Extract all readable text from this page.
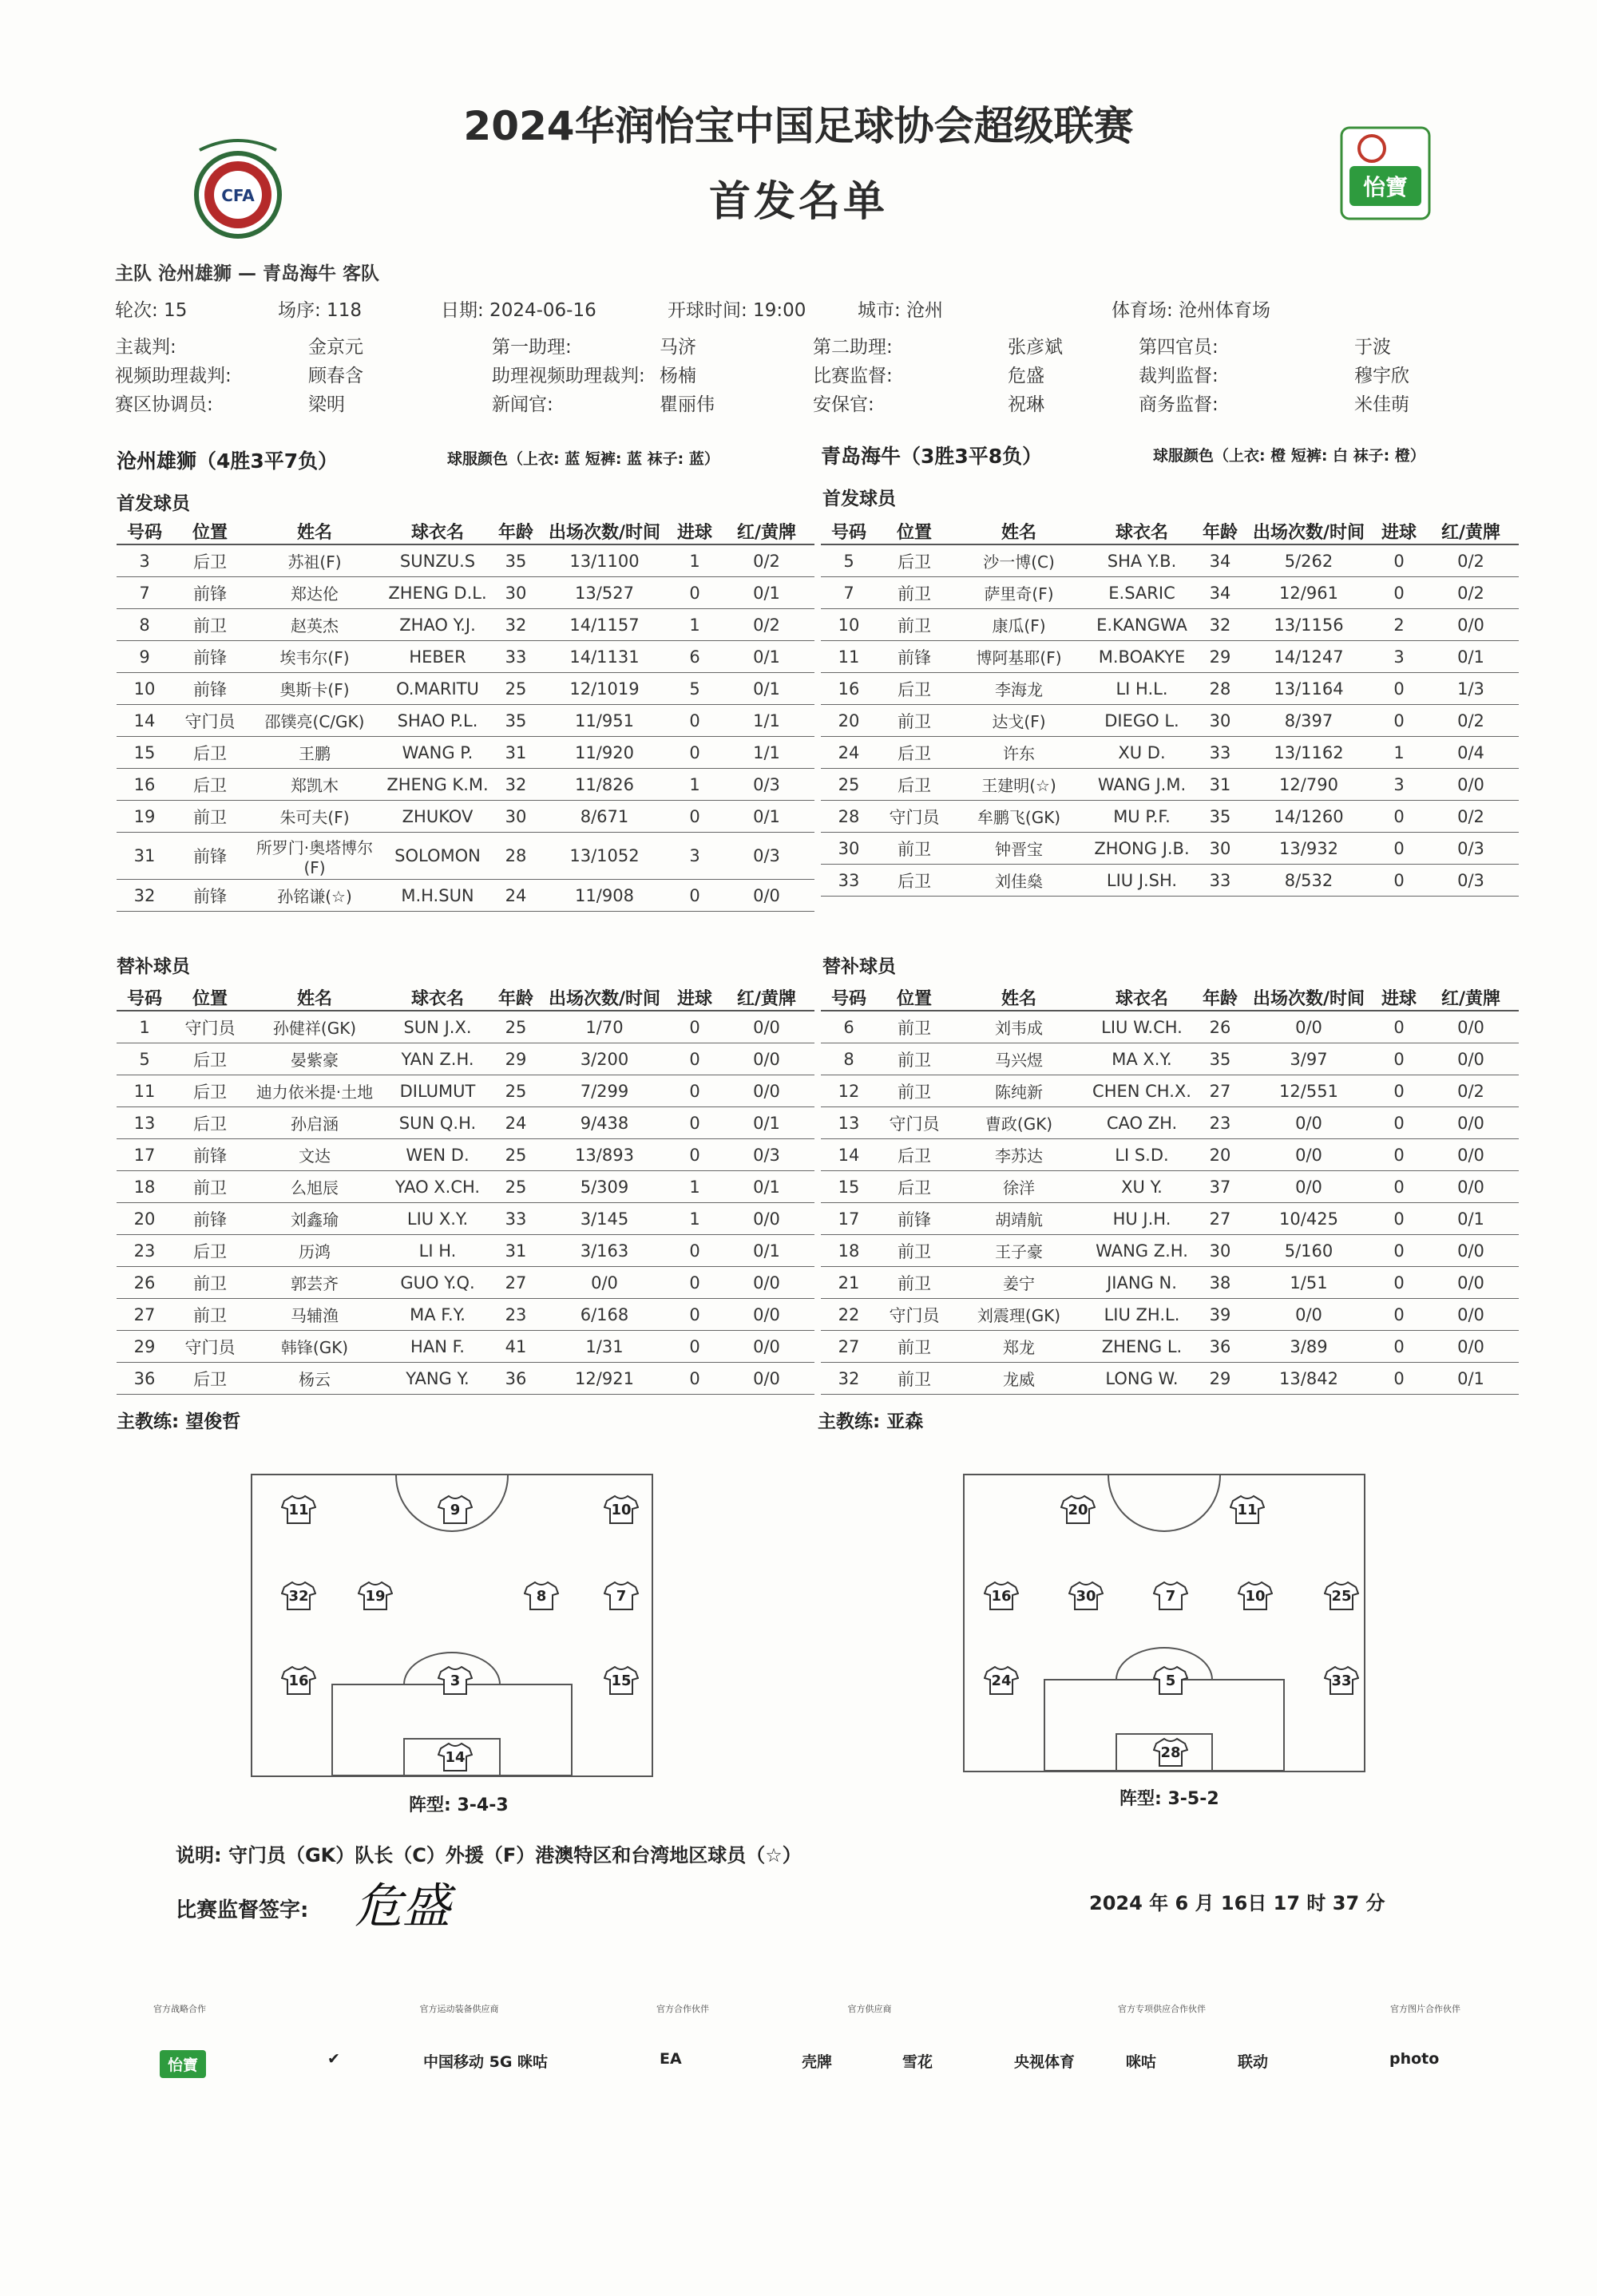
CFA
2024华润怡宝中国足球协会超级联赛
首发名单	怡寶
主队 沧州雄狮 — 青岛海牛 客队
轮次: 15	场序: 118	日期: 2024-06-16	开球时间: 19:00	城市: 沧州	体育场: 沧州体育场
主裁判:	金京元	第一助理:	马济	第二助理:	张彦斌	第四官员:	于波
视频助理裁判:	顾春含	助理视频助理裁判: 杨楠	比赛监督:	危盛	裁判监督:	穆宇欣
赛区协调员:	梁明	新闻官:	瞿丽伟	安保官:	祝琳	商务监督:	米佳萌
沧州雄狮（4胜3平7负）	球服颜色（上衣: 蓝 短裤: 蓝 袜子: 蓝）	青岛海牛（3胜3平8负）	球服颜色（上衣: 橙 短裤: 白 袜子: 橙）
首发球员	首发球员
号码	位置	姓名	球衣名	年龄	出场次数/时间	进球	红/黄牌
3	后卫	苏祖(F)	SUNZU.S	35	13/1100	1	0/2
7	前锋	郑达伦	ZHENG D.L.	30	13/527	0	0/1
8	前卫	赵英杰	ZHAO Y.J.	32	14/1157	1	0/2
9	前锋	埃韦尔(F)	HEBER	33	14/1131	6	0/1
10	前锋	奥斯卡(F)	O.MARITU	25	12/1019	5	0/1
14	守门员	邵镤亮(C/GK)	SHAO P.L.	35	11/951	0	1/1
15	后卫	王鹏	WANG P.	31	11/920	0	1/1
16	后卫	郑凯木	ZHENG K.M.	32	11/826	1	0/3
19	前卫	朱可夫(F)	ZHUKOV	30	8/671	0	0/1
31	前锋	所罗门·奥塔博尔(F)	SOLOMON	28	13/1052	3	0/3
32	前锋	孙铭谦(☆)	M.H.SUN	24	11/908	0	0/0
号码	位置	姓名	球衣名	年龄	出场次数/时间	进球	红/黄牌
5	后卫	沙一博(C)	SHA Y.B.	34	5/262	0	0/2
7	前卫	萨里奇(F)	E.SARIC	34	12/961	0	0/2
10	前卫	康瓜(F)	E.KANGWA	32	13/1156	2	0/0
11	前锋	博阿基耶(F)	M.BOAKYE	29	14/1247	3	0/1
16	后卫	李海龙	LI H.L.	28	13/1164	0	1/3
20	前卫	达戈(F)	DIEGO L.	30	8/397	0	0/2
24	后卫	许东	XU D.	33	13/1162	1	0/4
25	后卫	王建明(☆)	WANG J.M.	31	12/790	3	0/0
28	守门员	牟鹏飞(GK)	MU P.F.	35	14/1260	0	0/2
30	前卫	钟晋宝	ZHONG J.B.	30	13/932	0	0/3
33	后卫	刘佳燊	LIU J.SH.	33	8/532	0	0/3
替补球员	替补球员
号码	位置	姓名	球衣名	年龄	出场次数/时间	进球	红/黄牌
1	守门员	孙健祥(GK)	SUN J.X.	25	1/70	0	0/0
5	后卫	晏紫豪	YAN Z.H.	29	3/200	0	0/0
11	后卫	迪力依米提·土地	DILUMUT	25	7/299	0	0/0
13	后卫	孙启涵	SUN Q.H.	24	9/438	0	0/1
17	前锋	文达	WEN D.	25	13/893	0	0/3
18	前卫	么旭辰	YAO X.CH.	25	5/309	1	0/1
20	前锋	刘鑫瑜	LIU X.Y.	33	3/145	1	0/0
23	后卫	历鸿	LI H.	31	3/163	0	0/1
26	前卫	郭芸齐	GUO Y.Q.	27	0/0	0	0/0
27	前卫	马辅渔	MA F.Y.	23	6/168	0	0/0
29	守门员	韩锋(GK)	HAN F.	41	1/31	0	0/0
36	后卫	杨云	YANG Y.	36	12/921	0	0/0
号码	位置	姓名	球衣名	年龄	出场次数/时间	进球	红/黄牌
6	前卫	刘韦成	LIU W.CH.	26	0/0	0	0/0
8	前卫	马兴煜	MA X.Y.	35	3/97	0	0/0
12	前卫	陈纯新	CHEN CH.X.	27	12/551	0	0/2
13	守门员	曹政(GK)	CAO ZH.	23	0/0	0	0/0
14	后卫	李苏达	LI S.D.	20	0/0	0	0/0
15	后卫	徐洋	XU Y.	37	0/0	0	0/0
17	前锋	胡靖航	HU J.H.	27	10/425	0	0/1
18	前卫	王子豪	WANG Z.H.	30	5/160	0	0/0
21	前卫	姜宁	JIANG N.	38	1/51	0	0/0
22	守门员	刘震理(GK)	LIU ZH.L.	39	0/0	0	0/0
27	前卫	郑龙	ZHENG L.	36	3/89	0	0/0
32	前卫	龙威	LONG W.	29	13/842	0	0/1
主教练: 望俊哲	主教练: 亚森
11	9	10
32	19	8	7
16	3	15
14
20	11
16	30	7	10	25
24	5	33
28
阵型: 3-4-3	阵型: 3-5-2
说明: 守门员（GK）队长（C）外援（F）港澳特区和台湾地区球员（☆）
比赛监督签字: 危盛	2024 年 6 月 16日 17 时 37 分
官方战略合作	官方运动装备供应商	官方合作伙伴	官方供应商	官方专项供应合作伙伴	官方图片合作伙伴
怡寶	✔	中国移动 5G 咪咕	EA	壳牌	雪花	央视体育	咪咕	联动	photo
